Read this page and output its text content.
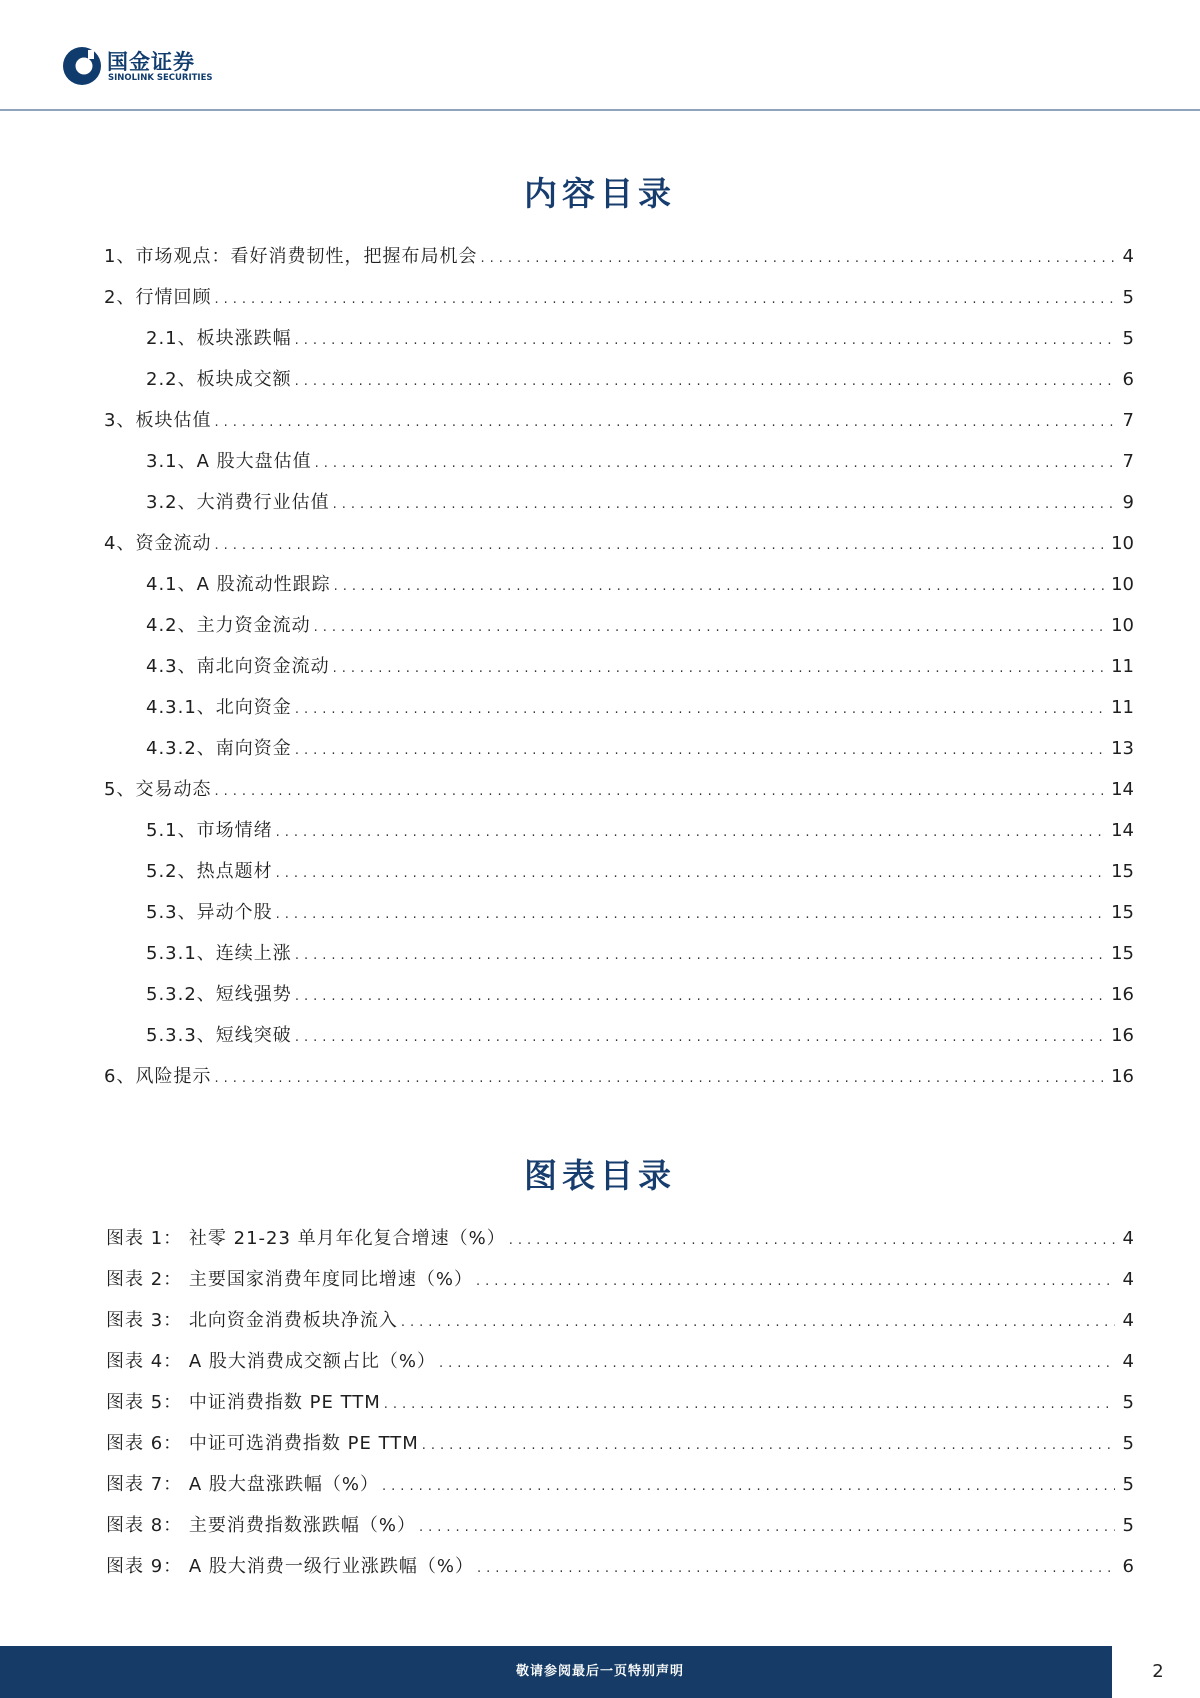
国金证券
SINOLINK SECURITIES
内容目录
1、市场观点：看好消费韧性，把握布局机会 .....	4
2、行情回顾 .....	5
2.1、板块涨跌幅 .....	5
2.2、板块成交额 .....	6
3、板块估值 .....	7
3.1、A 股大盘估值 .....	7
3.2、大消费行业估值 .....	9
4、资金流动 .....	10
4.1、A 股流动性跟踪 .....	10
4.2、主力资金流动 .....	10
4.3、南北向资金流动 .....	11
4.3.1、北向资金 .....	11
4.3.2、南向资金 .....	13
5、交易动态 .....	14
5.1、市场情绪 .....	14
5.2、热点题材 .....	15
5.3、异动个股 .....	15
5.3.1、连续上涨 .....	15
5.3.2、短线强势 .....	16
5.3.3、短线突破 .....	16
6、风险提示 .....	16
图表目录
图表 1： 社零 21-23 单月年化复合增速（%） .....	4
图表 2： 主要国家消费年度同比增速（%） .....	4
图表 3： 北向资金消费板块净流入 .....	4
图表 4： A 股大消费成交额占比（%） .....	4
图表 5： 中证消费指数 PE TTM .....	5
图表 6： 中证可选消费指数 PE TTM .....	5
图表 7： A 股大盘涨跌幅（%） .....	5
图表 8： 主要消费指数涨跌幅（%） .....	5
图表 9： A 股大消费一级行业涨跌幅（%） .....	6
敬请参阅最后一页特别声明	2
